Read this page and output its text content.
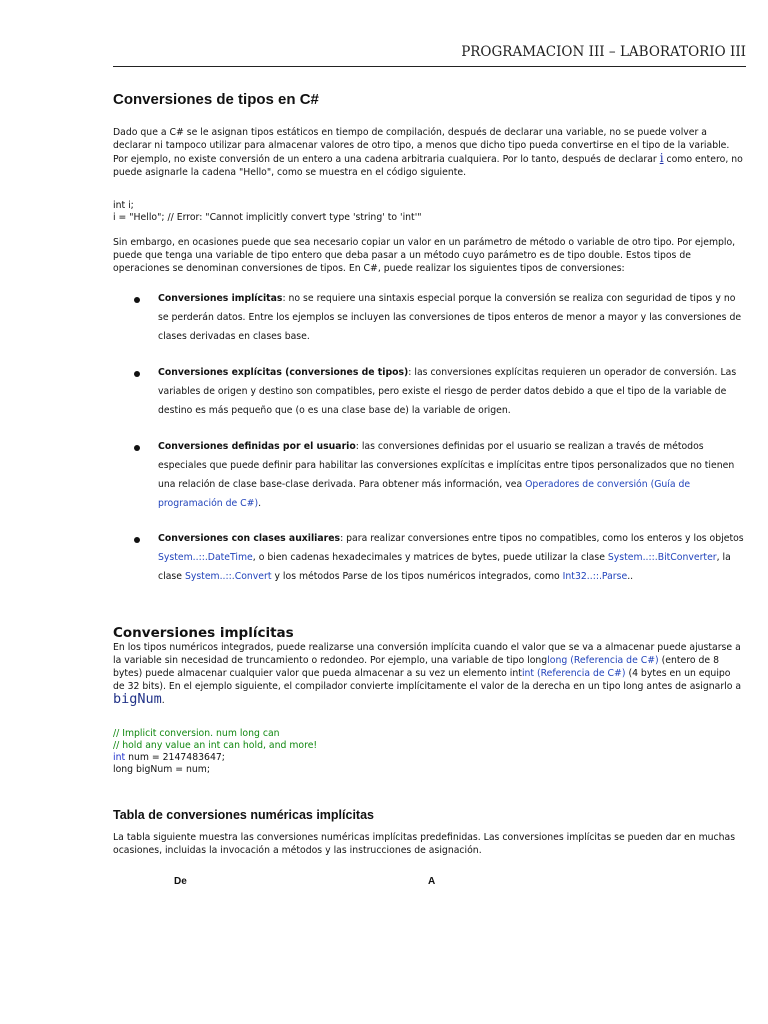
PROGRAMACION III – LABORATORIO III
Conversiones de tipos en C#
Dado que a C# se le asignan tipos estáticos en tiempo de compilación, después de declarar una variable, no se puede volver a declarar ni tampoco utilizar para almacenar valores de otro tipo, a menos que dicho tipo pueda convertirse en el tipo de la variable. Por ejemplo, no existe conversión de un entero a una cadena arbitraria cualquiera. Por lo tanto, después de declarar i como entero, no puede asignarle la cadena "Hello", como se muestra en el código siguiente.
int i;
i = "Hello"; // Error: "Cannot implicitly convert type 'string' to 'int'"
Sin embargo, en ocasiones puede que sea necesario copiar un valor en un parámetro de método o variable de otro tipo. Por ejemplo, puede que tenga una variable de tipo entero que deba pasar a un método cuyo parámetro es de tipo double. Estos tipos de operaciones se denominan conversiones de tipos. En C#, puede realizar los siguientes tipos de conversiones:
Conversiones implícitas: no se requiere una sintaxis especial porque la conversión se realiza con seguridad de tipos y no se perderán datos. Entre los ejemplos se incluyen las conversiones de tipos enteros de menor a mayor y las conversiones de clases derivadas en clases base.
Conversiones explícitas (conversiones de tipos): las conversiones explícitas requieren un operador de conversión. Las variables de origen y destino son compatibles, pero existe el riesgo de perder datos debido a que el tipo de la variable de destino es más pequeño que (o es una clase base de) la variable de origen.
Conversiones definidas por el usuario: las conversiones definidas por el usuario se realizan a través de métodos especiales que puede definir para habilitar las conversiones explícitas e implícitas entre tipos personalizados que no tienen una relación de clase base-clase derivada. Para obtener más información, vea Operadores de conversión (Guía de programación de C#).
Conversiones con clases auxiliares: para realizar conversiones entre tipos no compatibles, como los enteros y los objetos System..::.DateTime, o bien cadenas hexadecimales y matrices de bytes, puede utilizar la clase System..::.BitConverter, la clase System..::.Convert y los métodos Parse de los tipos numéricos integrados, como Int32..::.Parse..
Conversiones implícitas
En los tipos numéricos integrados, puede realizarse una conversión implícita cuando el valor que se va a almacenar puede ajustarse a la variable sin necesidad de truncamiento o redondeo. Por ejemplo, una variable de tipo longlong (Referencia de C#) (entero de 8 bytes) puede almacenar cualquier valor que pueda almacenar a su vez un elemento intint (Referencia de C#) (4 bytes en un equipo de 32 bits). En el ejemplo siguiente, el compilador convierte implícitamente el valor de la derecha en un tipo long antes de asignarlo a bigNum.
// Implicit conversion. num long can
// hold any value an int can hold, and more!
int num = 2147483647;
long bigNum = num;
Tabla de conversiones numéricas implícitas
La tabla siguiente muestra las conversiones numéricas implícitas predefinidas. Las conversiones implícitas se pueden dar en muchas ocasiones, incluidas la invocación a métodos y las instrucciones de asignación.
De	A
